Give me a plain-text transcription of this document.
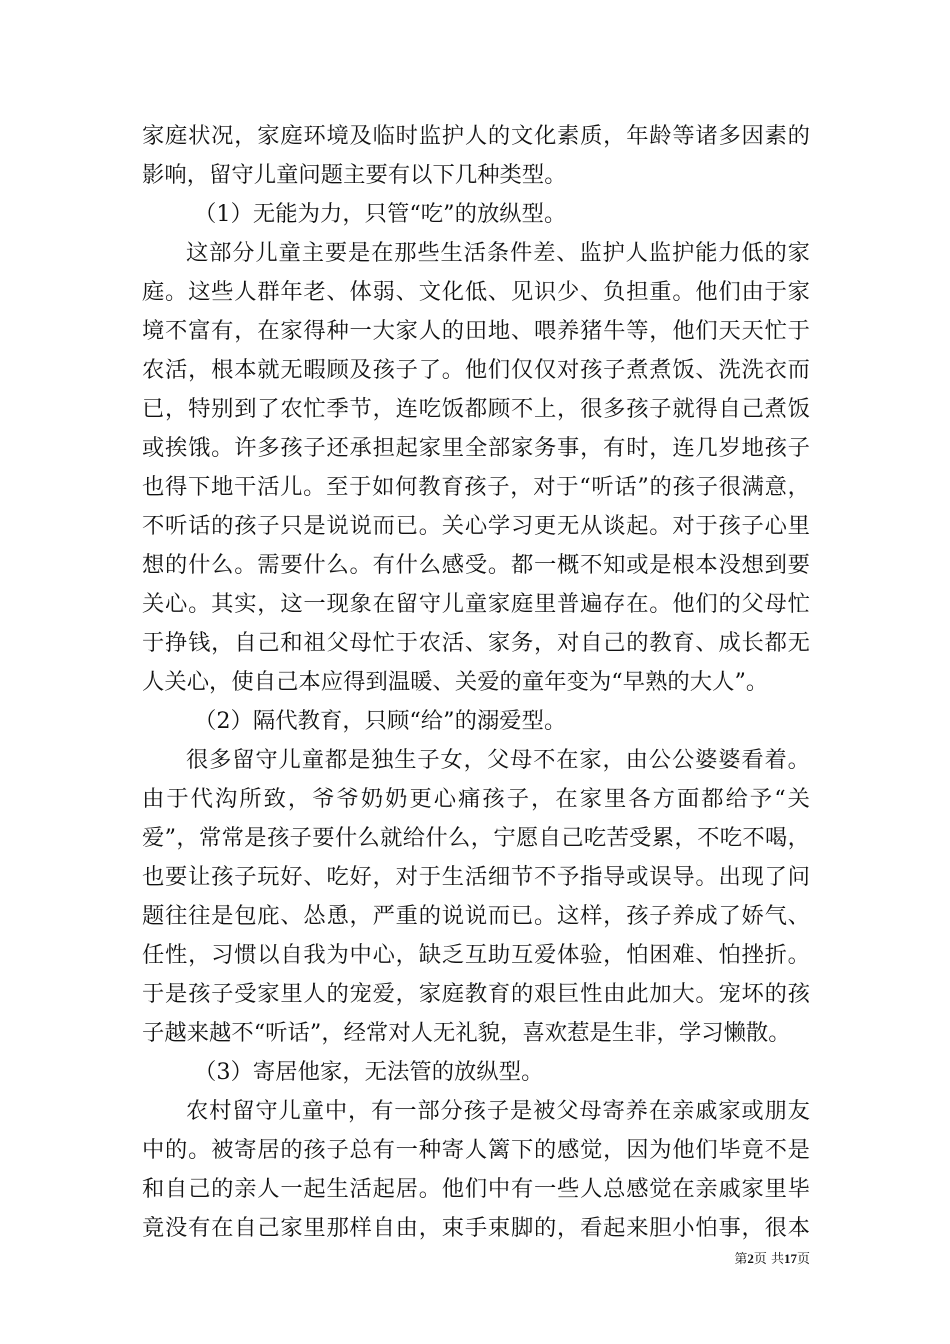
家庭状况，家庭环境及临时监护人的文化素质，年龄等诸多因素的
影响，留守儿童问题主要有以下几种类型。
（1）无能为力，只管“吃”的放纵型。
这部分儿童主要是在那些生活条件差、监护人监护能力低的家
庭。这些人群年老、体弱、文化低、见识少、负担重。他们由于家
境不富有，在家得种一大家人的田地、喂养猪牛等，他们天天忙于
农活，根本就无暇顾及孩子了。他们仅仅对孩子煮煮饭、洗洗衣而
已，特别到了农忙季节，连吃饭都顾不上，很多孩子就得自己煮饭
或挨饿。许多孩子还承担起家里全部家务事，有时，连几岁地孩子
也得下地干活儿。至于如何教育孩子，对于“听话”的孩子很满意，
不听话的孩子只是说说而已。关心学习更无从谈起。对于孩子心里
想的什么。需要什么。有什么感受。都一概不知或是根本没想到要
关心。其实，这一现象在留守儿童家庭里普遍存在。他们的父母忙
于挣钱，自己和祖父母忙于农活、家务，对自己的教育、成长都无
人关心，使自己本应得到温暖、关爱的童年变为“早熟的大人”。
（2）隔代教育，只顾“给”的溺爱型。
很多留守儿童都是独生子女，父母不在家，由公公婆婆看着。
由于代沟所致，爷爷奶奶更心痛孩子，在家里各方面都给予“关
爱”，常常是孩子要什么就给什么，宁愿自己吃苦受累，不吃不喝，
也要让孩子玩好、吃好，对于生活细节不予指导或误导。出现了问
题往往是包庇、怂恿，严重的说说而已。这样，孩子养成了娇气、
任性，习惯以自我为中心，缺乏互助互爱体验，怕困难、怕挫折。
于是孩子受家里人的宠爱，家庭教育的艰巨性由此加大。宠坏的孩
子越来越不“听话”，经常对人无礼貌，喜欢惹是生非，学习懒散。
（3）寄居他家，无法管的放纵型。
农村留守儿童中，有一部分孩子是被父母寄养在亲戚家或朋友
中的。被寄居的孩子总有一种寄人篱下的感觉，因为他们毕竟不是
和自己的亲人一起生活起居。他们中有一些人总感觉在亲戚家里毕
竟没有在自己家里那样自由，束手束脚的，看起来胆小怕事，很本
第2页 共17页
